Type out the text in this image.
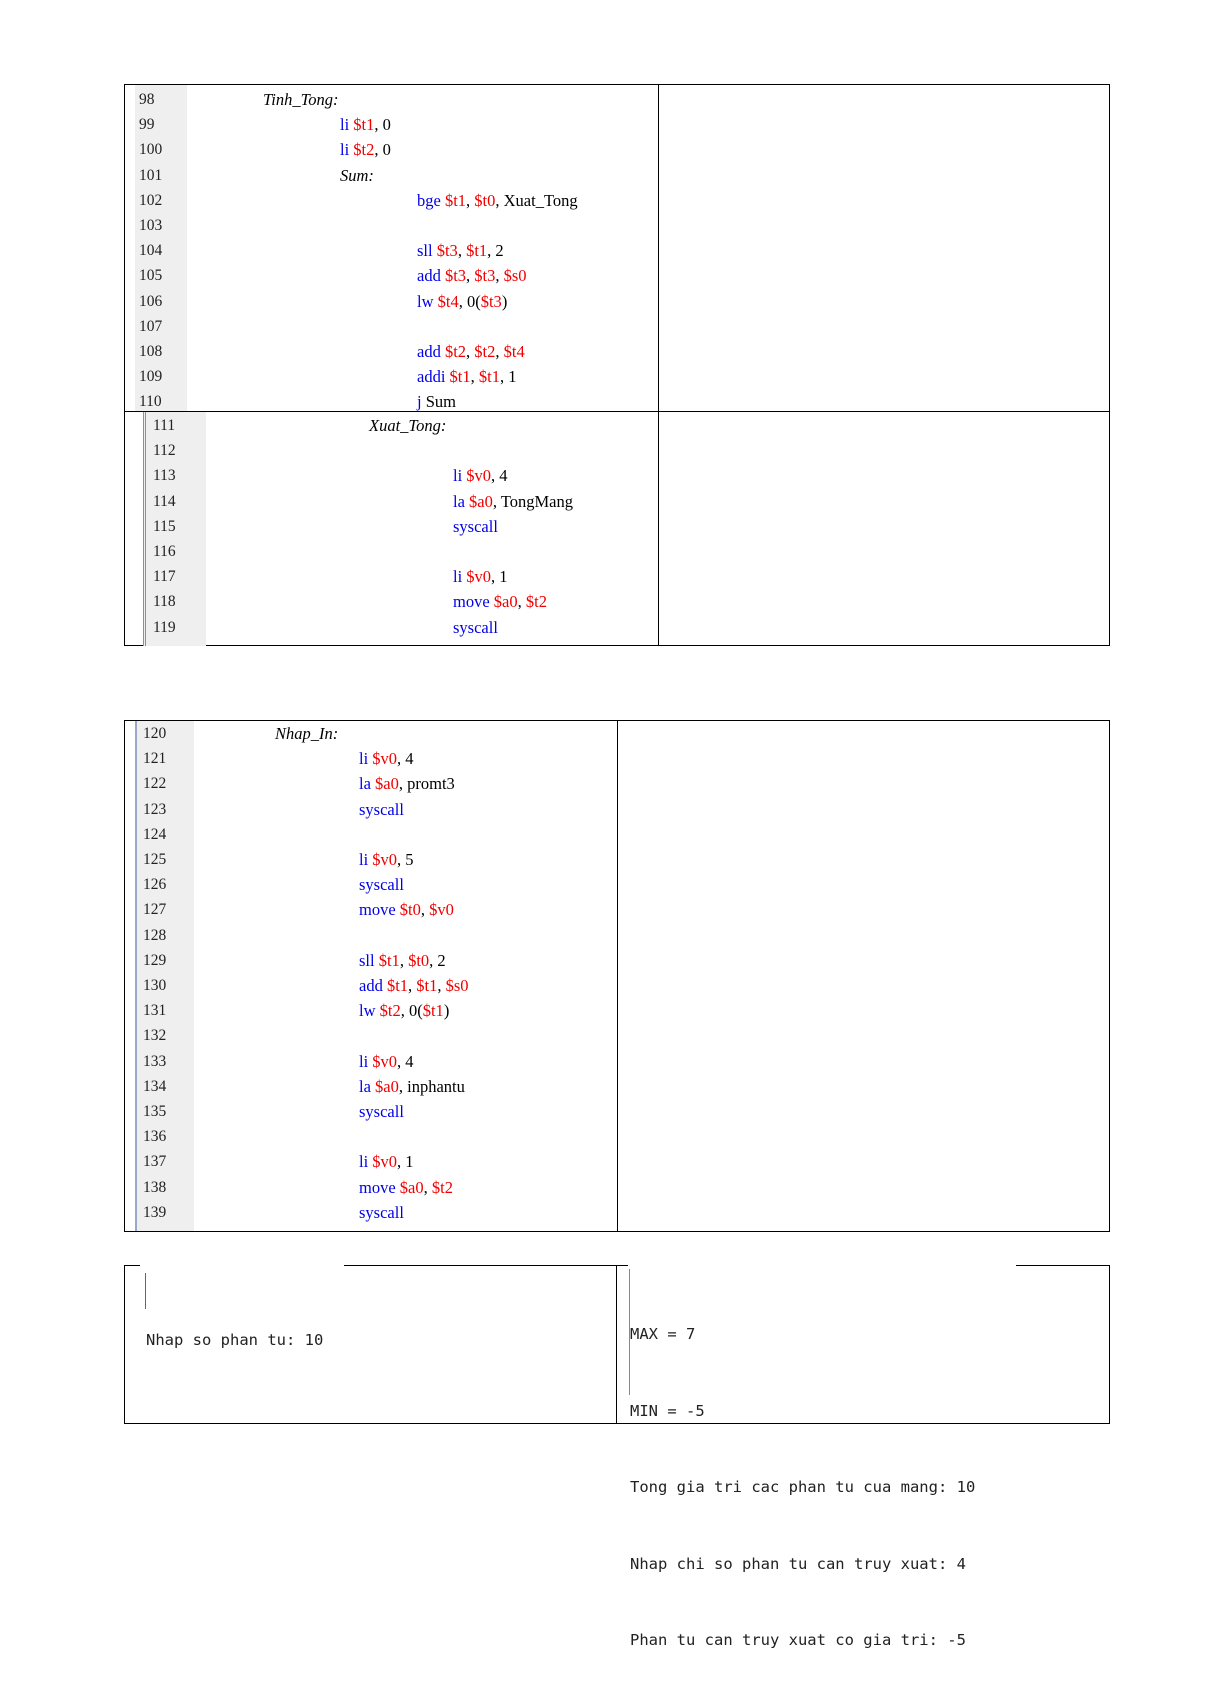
98	Tinh_Tong:
99	li $t1, 0
100	li $t2, 0
101	Sum:
102	bge $t1, $t0, Xuat_Tong
103
104	sll $t3, $t1, 2
105	add $t3, $t3, $s0
106	lw $t4, 0($t3)
107
108	add $t2, $t2, $t4
109	addi $t1, $t1, 1
110	j Sum
111	Xuat_Tong:
112
113	li $v0, 4
114	la $a0, TongMang
115	syscall
116
117	li $v0, 1
118	move $a0, $t2
119	syscall
120	Nhap_In:
121	li $v0, 4
122	la $a0, promt3
123	syscall
124
125	li $v0, 5
126	syscall
127	move $t0, $v0
128
129	sll $t1, $t0, 2
130	add $t1, $t1, $s0
131	lw $t2, 0($t1)
132
133	li $v0, 4
134	la $a0, inphantu
135	syscall
136
137	li $v0, 1
138	move $a0, $t2
139	syscall

Nhap so phan tu: 10

	MAX = 7

MIN = -5

Tong gia tri cac phan tu cua mang: 10

Nhap chi so phan tu can truy xuat: 4

Phan tu can truy xuat co gia tri: -5
